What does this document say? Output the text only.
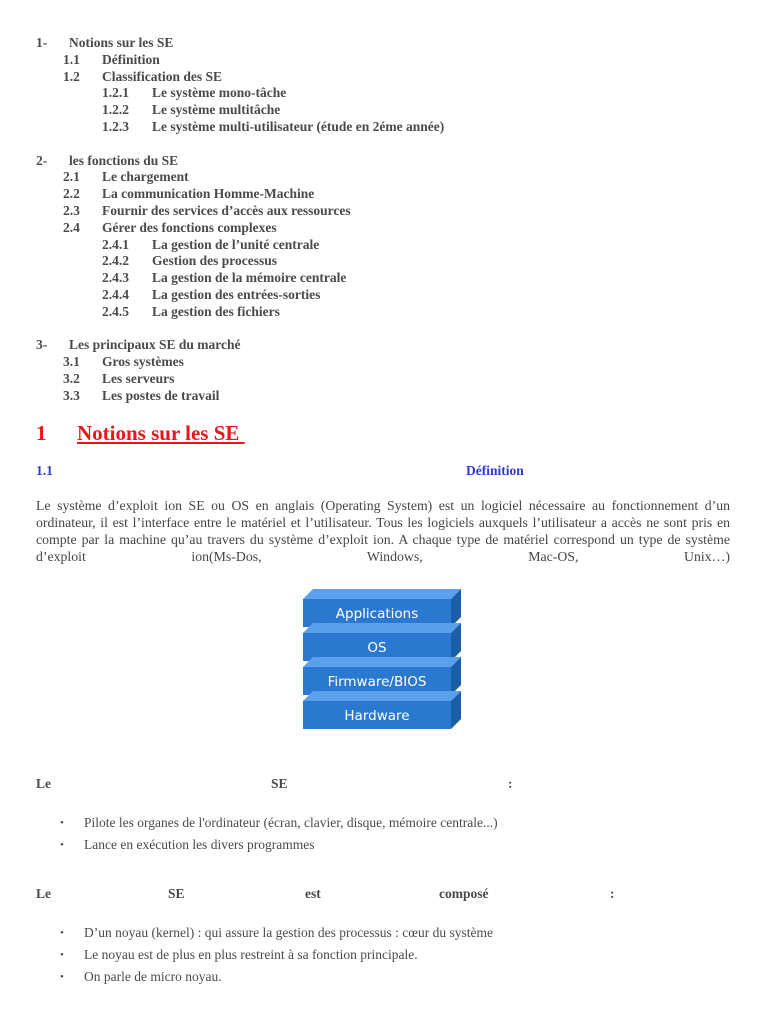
1- Notions sur les SE
1.1 Définition
1.2 Classification des SE
1.2.1 Le système mono-tâche
1.2.2 Le système multitâche
1.2.3 Le système multi-utilisateur (étude en 2éme année)
2- les fonctions du SE
2.1 Le chargement
2.2 La communication Homme-Machine
2.3 Fournir des services d’accès aux ressources
2.4 Gérer des fonctions complexes
2.4.1 La gestion de l’unité centrale
2.4.2 Gestion des processus
2.4.3 La gestion de la mémoire centrale
2.4.4 La gestion des entrées-sorties
2.4.5 La gestion des fichiers
3- Les principaux SE du marché
3.1 Gros systèmes
3.2 Les serveurs
3.3 Les postes de travail
1 Notions sur les SE
1.1	Définition

Le système d’exploit ion SE ou OS en anglais (Operating System) est un logiciel nécessaire au fonctionnement d’un ordinateur, il est l’interface entre le matériel et l’utilisateur. Tous les logiciels auxquels l’utilisateur a accès ne sont pris en compte par la machine qu’au travers du système d’exploit ion. A chaque type de matériel correspond un type de système d’exploit ion(Ms-Dos, Windows, Mac-OS, Unix…)

Applications
OS
Firmware/BIOS
Hardware
Le	SE	:
• Pilote les organes de l'ordinateur (écran, clavier, disque, mémoire centrale...)
• Lance en exécution les divers programmes
Le	SE	est	composé	:
• D’un noyau (kernel) : qui assure la gestion des processus : cœur du système
• Le noyau est de plus en plus restreint à sa fonction principale.
• On parle de micro noyau.
